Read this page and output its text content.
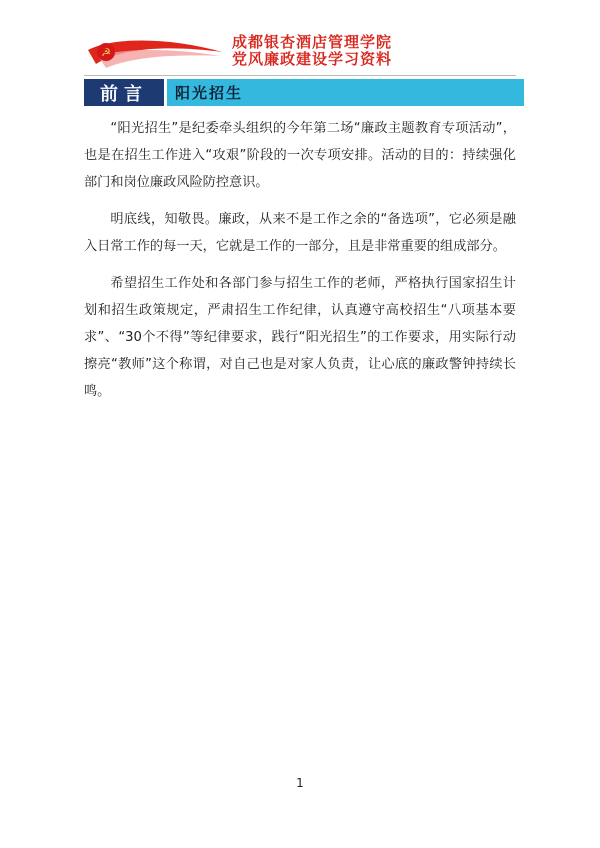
☭
成都银杏酒店管理学院
党风廉政建设学习资料
前言	阳光招生

“阳光招生”是纪委牵头组织的今年第二场“廉政主题教育专项活动”，也是在招生工作进入“攻艰”阶段的一次专项安排。活动的目的：持续强化部门和岗位廉政风险防控意识。

明底线，知敬畏。廉政，从来不是工作之余的“备选项”，它必须是融入日常工作的每一天，它就是工作的一部分，且是非常重要的组成部分。

希望招生工作处和各部门参与招生工作的老师，严格执行国家招生计划和招生政策规定，严肃招生工作纪律，认真遵守高校招生“八项基本要求”、“30个不得”等纪律要求，践行“阳光招生”的工作要求，用实际行动擦亮“教师”这个称谓，对自己也是对家人负责，让心底的廉政警钟持续长鸣。

1
